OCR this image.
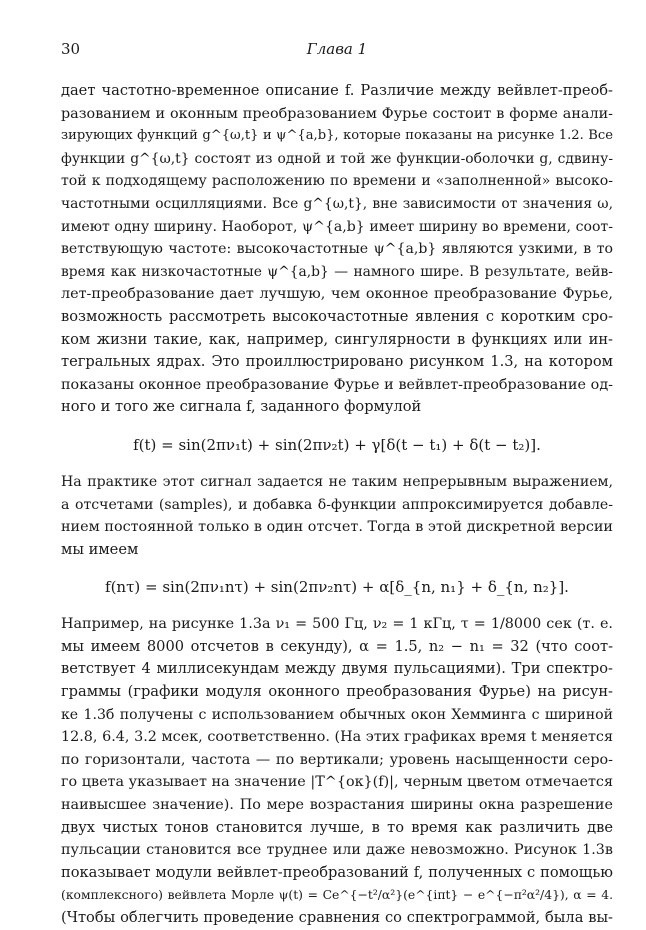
30	Глава 1
дает частотно-временное описание f. Различие между вейвлет-преоб-
разованием и оконным преобразованием Фурье состоит в форме анали-
зирующих функций g^{ω,t} и ψ^{a,b}, которые показаны на рисунке 1.2. Все
функции g^{ω,t} состоят из одной и той же функции-оболочки g, сдвину-
той к подходящему расположению по времени и «заполненной» высоко-
частотными осцилляциями. Все g^{ω,t}, вне зависимости от значения ω,
имеют одну ширину. Наоборот, ψ^{a,b} имеет ширину во времени, соот-
ветствующую частоте: высокочастотные ψ^{a,b} являются узкими, в то
время как низкочастотные ψ^{a,b} — намного шире. В результате, вейв-
лет-преобразование дает лучшую, чем оконное преобразование Фурье,
возможность рассмотреть высокочастотные явления с коротким сро-
ком жизни такие, как, например, сингулярности в функциях или ин-
тегральных ядрах. Это проиллюстрировано рисунком 1.3, на котором
показаны оконное преобразование Фурье и вейвлет-преобразование од-
ного и того же сигнала f, заданного формулой
f(t) = sin(2πν₁t) + sin(2πν₂t) + γ[δ(t − t₁) + δ(t − t₂)].
На практике этот сигнал задается не таким непрерывным выражением,
а отсчетами (samples), и добавка δ-функции аппроксимируется добавле-
нием постоянной только в один отсчет. Тогда в этой дискретной версии
мы имеем
f(nτ) = sin(2πν₁nτ) + sin(2πν₂nτ) + α[δ_{n, n₁} + δ_{n, n₂}].
Например, на рисунке 1.3а ν₁ = 500 Гц, ν₂ = 1 кГц, τ = 1/8000 сек (т. е.
мы имеем 8000 отсчетов в секунду), α = 1.5, n₂ − n₁ = 32 (что соот-
ветствует 4 миллисекундам между двумя пульсациями). Три спектро-
граммы (графики модуля оконного преобразования Фурье) на рисун-
ке 1.3б получены с использованием обычных окон Хемминга с шириной
12.8, 6.4, 3.2 мсек, соответственно. (На этих графиках время t меняется
по горизонтали, частота — по вертикали; уровень насыщенности серо-
го цвета указывает на значение |T^{ок}(f)|, черным цветом отмечается
наивысшее значение). По мере возрастания ширины окна разрешение
двух чистых тонов становится лучше, в то время как различить две
пульсации становится все труднее или даже невозможно. Рисунок 1.3в
показывает модули вейвлет-преобразований f, полученных с помощью
(комплексного) вейвлета Морле ψ(t) = Ce^{−t²/α²}(e^{iπt} − e^{−π²α²/4}), α = 4.
(Чтобы облегчить проведение сравнения со спектрограммой, была вы-
